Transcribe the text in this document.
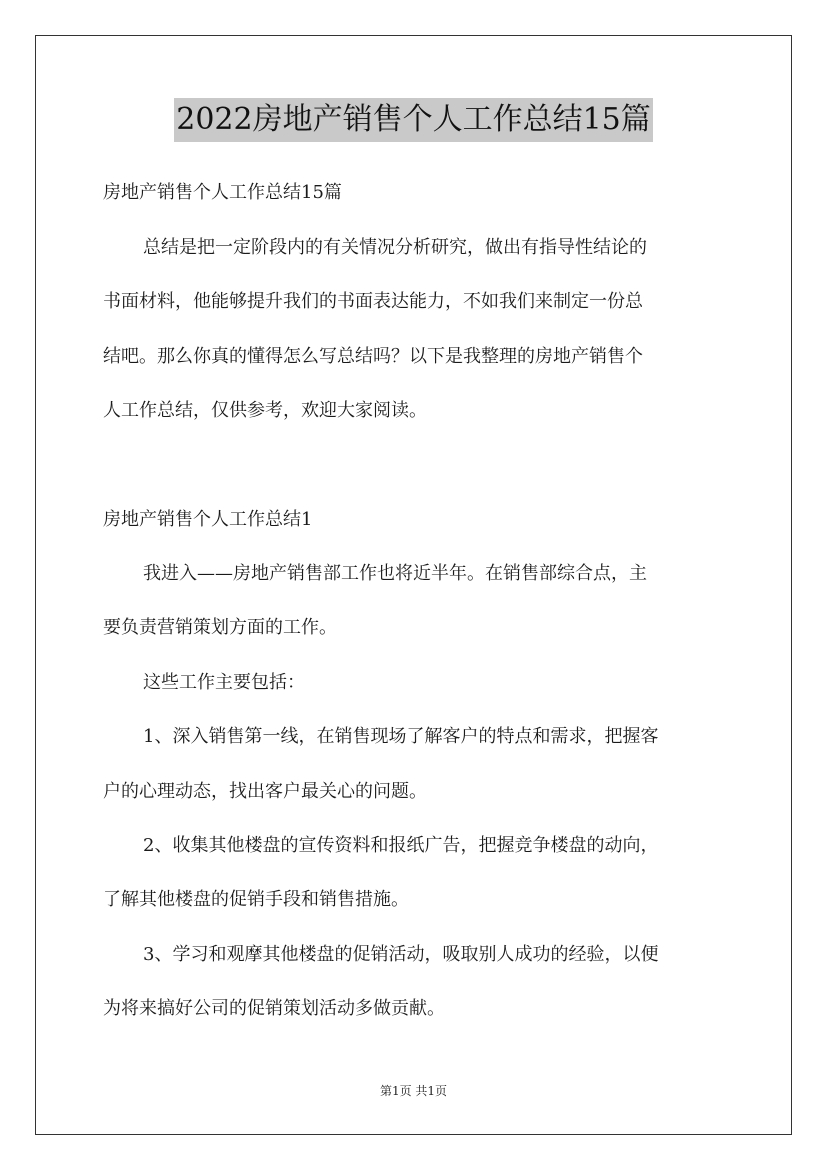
2022房地产销售个人工作总结15篇
房地产销售个人工作总结15篇
总结是把一定阶段内的有关情况分析研究，做出有指导性结论的
书面材料，他能够提升我们的书面表达能力，不如我们来制定一份总
结吧。那么你真的懂得怎么写总结吗？以下是我整理的房地产销售个
人工作总结，仅供参考，欢迎大家阅读。
房地产销售个人工作总结1
我进入——房地产销售部工作也将近半年。在销售部综合点，主
要负责营销策划方面的工作。
这些工作主要包括：
1、深入销售第一线，在销售现场了解客户的特点和需求，把握客
户的心理动态，找出客户最关心的问题。
2、收集其他楼盘的宣传资料和报纸广告，把握竞争楼盘的动向，
了解其他楼盘的促销手段和销售措施。
3、学习和观摩其他楼盘的促销活动，吸取别人成功的经验，以便
为将来搞好公司的促销策划活动多做贡献。
第1页 共1页
